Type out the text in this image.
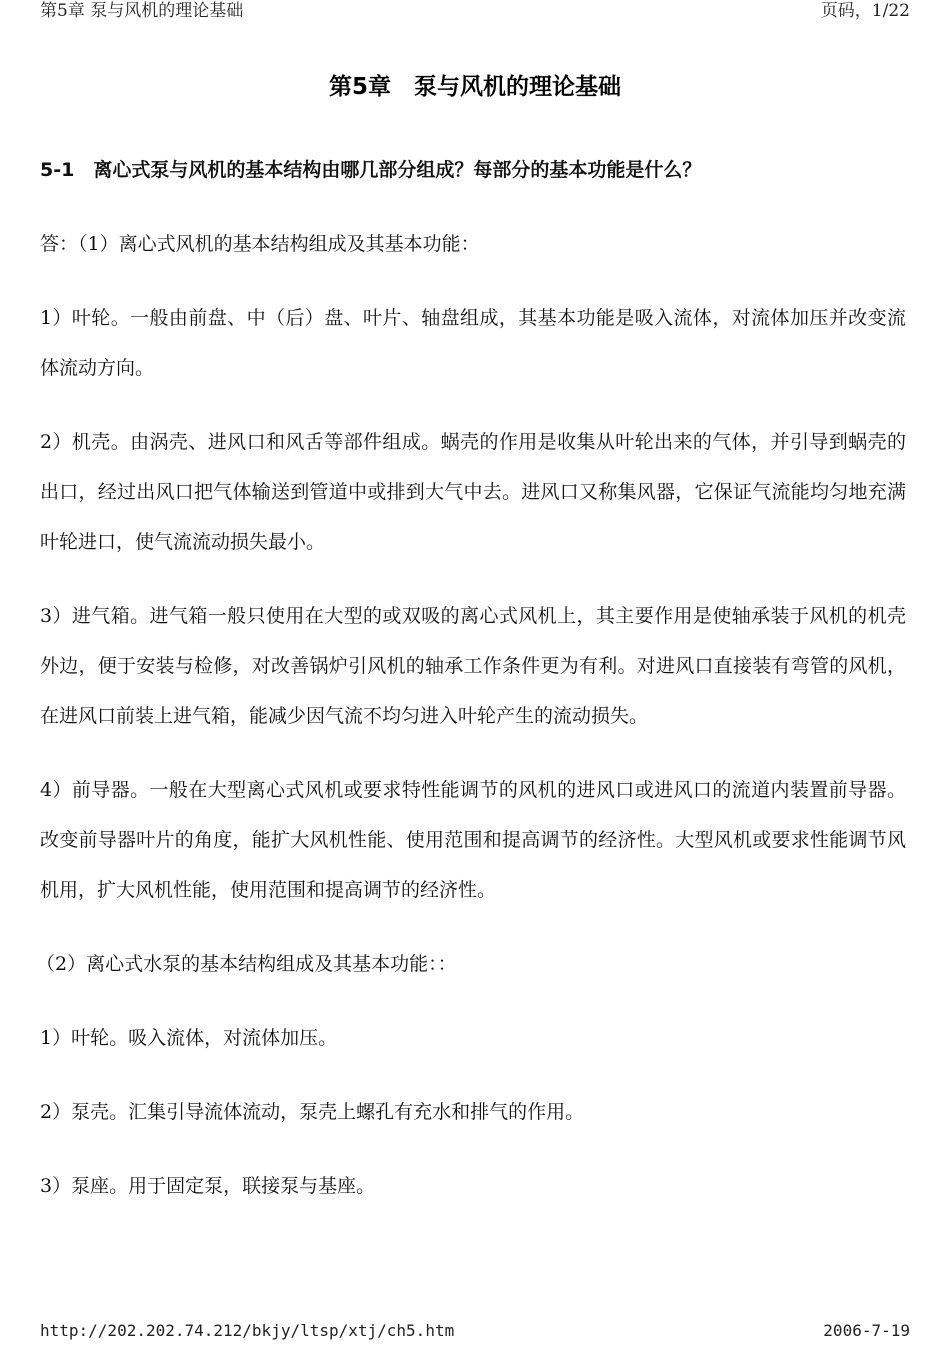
第5章 泵与风机的理论基础	页码，1/22
第5章　泵与风机的理论基础

5-1　离心式泵与风机的基本结构由哪几部分组成？每部分的基本功能是什么？

答：（1）离心式风机的基本结构组成及其基本功能：

1）叶轮。一般由前盘、中（后）盘、叶片、轴盘组成，其基本功能是吸入流体，对流体加压并改变流体流动方向。

2）机壳。由涡壳、进风口和风舌等部件组成。蜗壳的作用是收集从叶轮出来的气体，并引导到蜗壳的出口，经过出风口把气体输送到管道中或排到大气中去。进风口又称集风器，它保证气流能均匀地充满叶轮进口，使气流流动损失最小。

3）进气箱。进气箱一般只使用在大型的或双吸的离心式风机上，其主要作用是使轴承装于风机的机壳外边，便于安装与检修，对改善锅炉引风机的轴承工作条件更为有利。对进风口直接装有弯管的风机，在进风口前装上进气箱，能减少因气流不均匀进入叶轮产生的流动损失。

4）前导器。一般在大型离心式风机或要求特性能调节的风机的进风口或进风口的流道内装置前导器。改变前导器叶片的角度，能扩大风机性能、使用范围和提高调节的经济性。大型风机或要求性能调节风机用，扩大风机性能，使用范围和提高调节的经济性。

（2）离心式水泵的基本结构组成及其基本功能：：

1）叶轮。吸入流体，对流体加压。

2）泵壳。汇集引导流体流动，泵壳上螺孔有充水和排气的作用。

3）泵座。用于固定泵，联接泵与基座。

http://202.202.74.212/bkjy/ltsp/xtj/ch5.htm	2006-7-19
